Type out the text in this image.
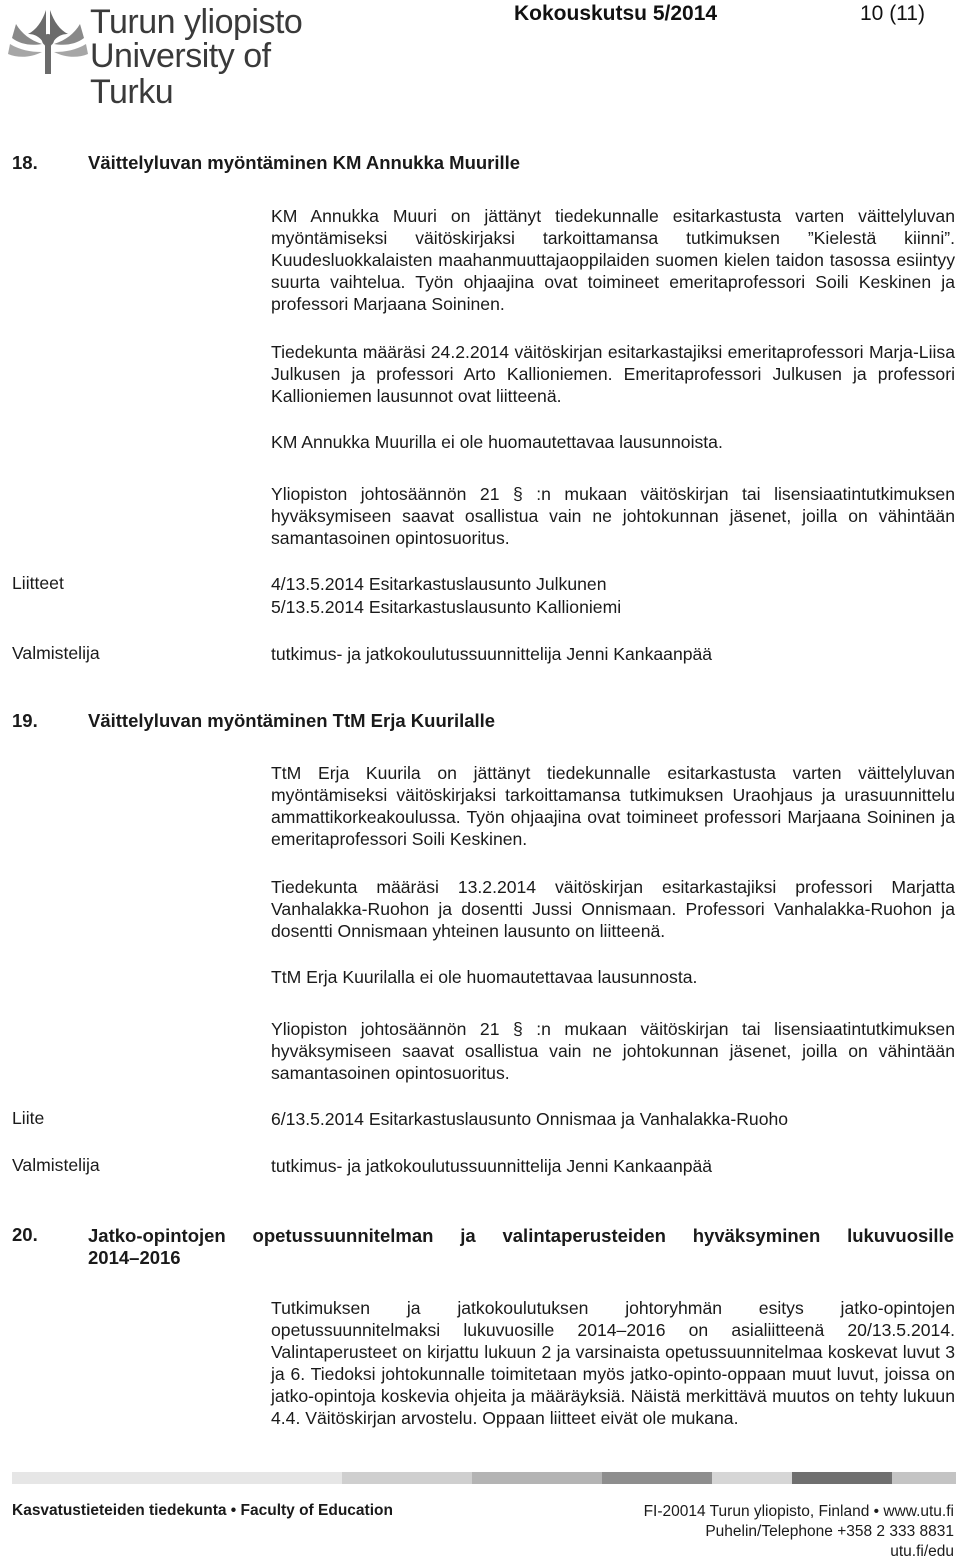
Turun yliopisto
University of Turku
Kokouskutsu 5/2014	10 (11)
18.	Väittelyluvan myöntäminen KM Annukka Muurille
KM Annukka Muuri on jättänyt tiedekunnalle esitarkastusta varten väittelyluvan myöntämiseksi väitöskirjaksi tarkoittamansa tutkimuksen ”Kielestä kiinni”. Kuudesluokkalaisten maahanmuuttajaoppilaiden suomen kielen taidon tasossa esiintyy suurta vaihtelua. Työn ohjaajina ovat toimineet emeritaprofessori Soili Keskinen ja professori Marjaana Soininen.
Tiedekunta määräsi 24.2.2014 väitöskirjan esitarkastajiksi emeritaprofessori Marja-Liisa Julkusen ja professori Arto Kallioniemen. Emeritaprofessori Julkusen ja professori Kallioniemen lausunnot ovat liitteenä.
KM Annukka Muurilla ei ole huomautettavaa lausunnoista.
Yliopiston johtosäännön 21 § :n mukaan väitöskirjan tai lisensiaatintutkimuksen hyväksymiseen saavat osallistua vain ne johtokunnan jäsenet, joilla on vähintään samantasoinen opintosuoritus.
Liitteet	4/13.5.2014 Esitarkastuslausunto Julkunen
5/13.5.2014 Esitarkastuslausunto Kallioniemi
Valmistelija	tutkimus- ja jatkokoulutussuunnittelija Jenni Kankaanpää
19.	Väittelyluvan myöntäminen TtM Erja Kuurilalle
TtM Erja Kuurila on jättänyt tiedekunnalle esitarkastusta varten väittelyluvan myöntämiseksi väitöskirjaksi tarkoittamansa tutkimuksen Uraohjaus ja urasuunnittelu ammattikorkeakoulussa. Työn ohjaajina ovat toimineet professori Marjaana Soininen ja emeritaprofessori Soili Keskinen.
Tiedekunta määräsi 13.2.2014 väitöskirjan esitarkastajiksi professori Marjatta Vanhalakka-Ruohon ja dosentti Jussi Onnismaan. Professori Vanhalakka-Ruohon ja dosentti Onnismaan yhteinen lausunto on liitteenä.
TtM Erja Kuurilalla ei ole huomautettavaa lausunnosta.
Yliopiston johtosäännön 21 § :n mukaan väitöskirjan tai lisensiaatintutkimuksen hyväksymiseen saavat osallistua vain ne johtokunnan jäsenet, joilla on vähintään samantasoinen opintosuoritus.
Liite	6/13.5.2014 Esitarkastuslausunto Onnismaa ja Vanhalakka-Ruoho
Valmistelija	tutkimus- ja jatkokoulutussuunnittelija Jenni Kankaanpää
20.	Jatko-opintojen opetussuunnitelman ja valintaperusteiden hyväksyminen lukuvuosille
2014–2016
Tutkimuksen ja jatkokoulutuksen johtoryhmän esitys jatko-opintojen opetussuunnitelmaksi lukuvuosille 2014–2016 on asialiitteenä 20/13.5.2014. Valintaperusteet on kirjattu lukuun 2 ja varsinaista opetussuunnitelmaa koskevat luvut 3 ja 6. Tiedoksi johtokunnalle toimitetaan myös jatko-opinto-oppaan muut luvut, joissa on jatko-opintoja koskevia ohjeita ja määräyksiä. Näistä merkittävä muutos on tehty lukuun 4.4. Väitöskirjan arvostelu. Oppaan liitteet eivät ole mukana.
Kasvatustieteiden tiedekunta • Faculty of Education	FI-20014 Turun yliopisto, Finland • www.utu.fi
Puhelin/Telephone +358 2 333 8831
utu.fi/edu
